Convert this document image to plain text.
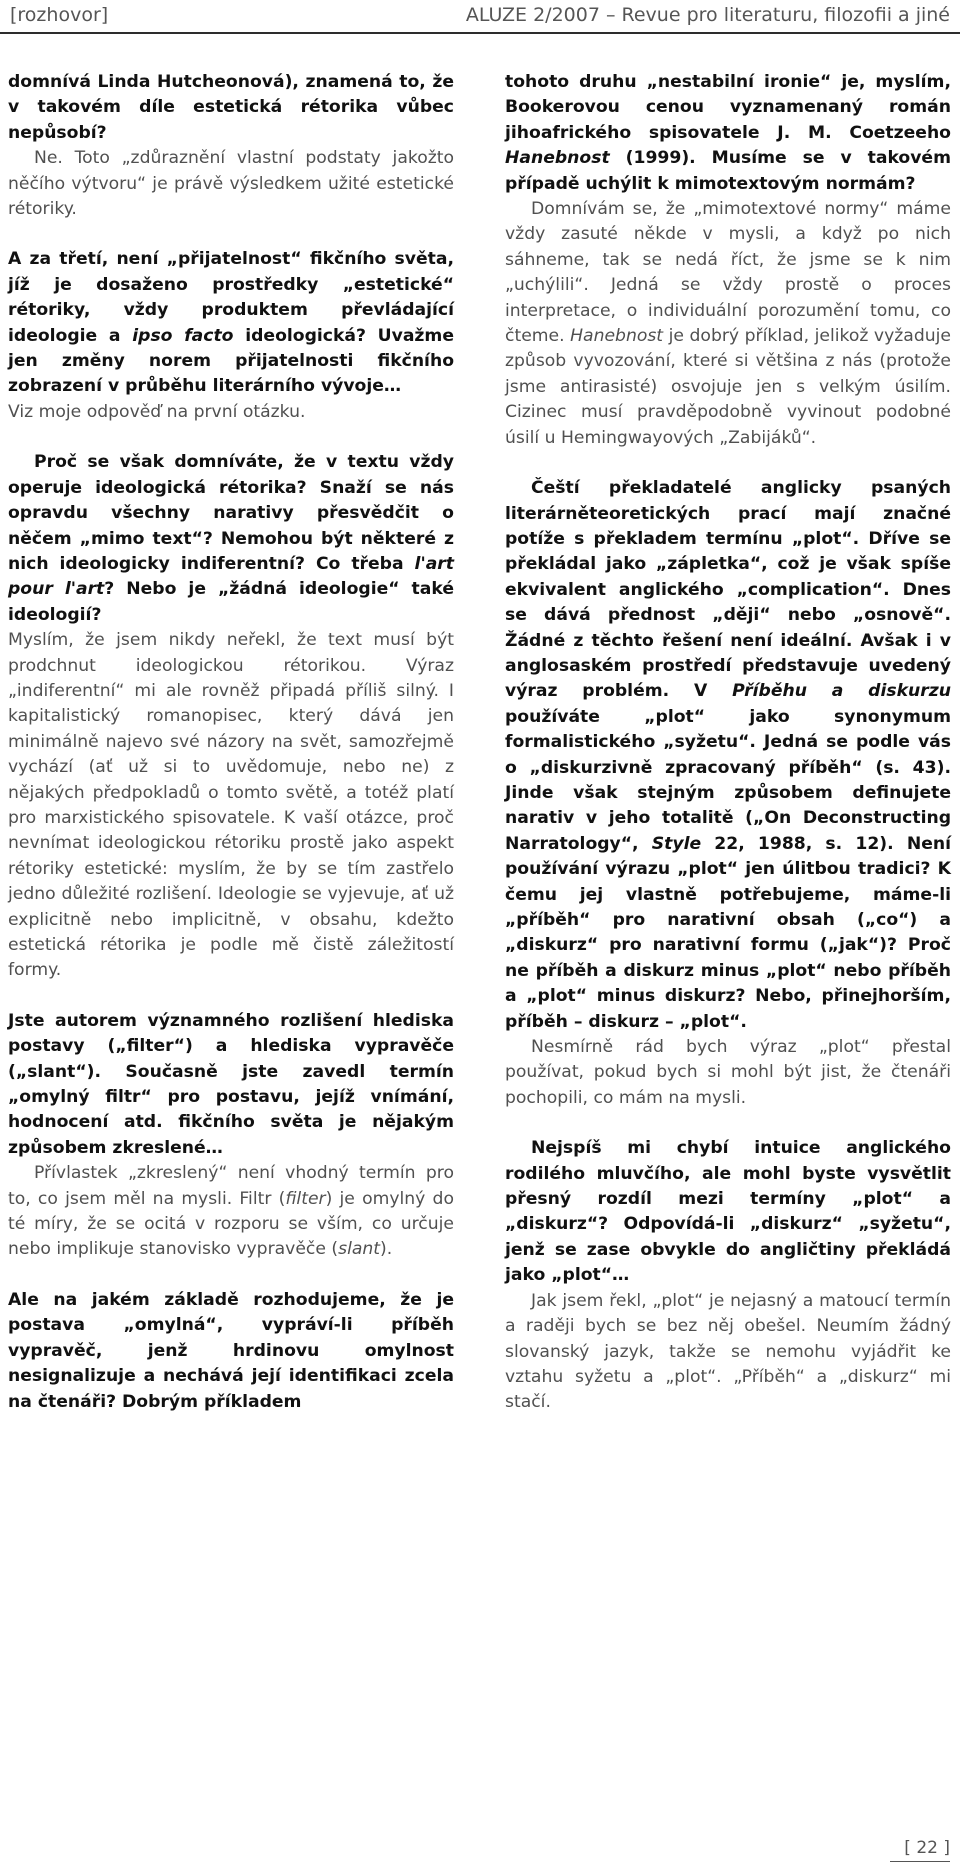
[rozhovor]	ALUZE 2/2007 – Revue pro literaturu, filozofii a jiné

domnívá Linda Hutcheonová), znamená to, že v takovém díle estetická rétorika vůbec nepůsobí?

Ne. Toto „zdůraznění vlastní podstaty jakožto něčího výtvoru“ je právě výsledkem užité estetické rétoriky.

A za třetí, není „přijatelnost“ fikčního světa, jíž je dosaženo prostředky „estetické“ rétoriky, vždy produktem převládající ideologie a ipso facto ideologická? Uvažme jen změny norem přijatelnosti fikčního zobrazení v průběhu literárního vývoje…

Viz moje odpověď na první otázku.

Proč se však domníváte, že v textu vždy operuje ideologická rétorika? Snaží se nás opravdu všechny narativy přesvědčit o něčem „mimo text“? Nemohou být některé z nich ideologicky indiferentní? Co třeba l'art pour l'art? Nebo je „žádná ideologie“ také ideologií?

Myslím, že jsem nikdy neřekl, že text musí být prodchnut ideologickou rétorikou. Výraz „indiferentní“ mi ale rovněž připadá příliš silný. I kapitalistický romanopisec, který dává jen minimálně najevo své názory na svět, samozřejmě vychází (ať už si to uvědomuje, nebo ne) z nějakých předpokladů o tomto světě, a totéž platí pro marxistického spisovatele. K vaší otázce, proč nevnímat ideologickou rétoriku prostě jako aspekt rétoriky estetické: myslím, že by se tím zastřelo jedno důležité rozlišení. Ideologie se vyjevuje, ať už explicitně nebo implicitně, v obsahu, kdežto estetická rétorika je podle mě čistě záležitostí formy.

Jste autorem významného rozlišení hlediska postavy („filter“) a hlediska vypravěče („slant“). Současně jste zavedl termín „omylný filtr“ pro postavu, jejíž vnímání, hodnocení atd. fikčního světa je nějakým způsobem zkreslené…

Přívlastek „zkreslený“ není vhodný termín pro to, co jsem měl na mysli. Filtr (filter) je omylný do té míry, že se ocitá v rozporu se vším, co určuje nebo implikuje stanovisko vypravěče (slant).

Ale na jakém základě rozhodujeme, že je postava „omylná“, vypráví-li příběh vypravěč, jenž hrdinovu omylnost nesignalizuje a nechává její identifikaci zcela na čtenáři? Dobrým příkladem

tohoto druhu „nestabilní ironie“ je, myslím, Bookerovou cenou vyznamenaný román jihoafrického spisovatele J. M. Coetzeeho Hanebnost (1999). Musíme se v takovém případě uchýlit k mimotextovým normám?

Domnívám se, že „mimotextové normy“ máme vždy zasuté někde v mysli, a když po nich sáhneme, tak se nedá říct, že jsme se k nim „uchýlili“. Jedná se vždy prostě o proces interpretace, o individuální porozumění tomu, co čteme. Hanebnost je dobrý příklad, jelikož vyžaduje způsob vyvozování, které si většina z nás (protože jsme antirasisté) osvojuje jen s velkým úsilím. Cizinec musí pravděpodobně vyvinout podobné úsilí u Hemingwayových „Zabijáků“.

Čeští překladatelé anglicky psaných literárněteoretických prací mají značné potíže s překladem termínu „plot“. Dříve se překládal jako „zápletka“, což je však spíše ekvivalent anglického „complication“. Dnes se dává přednost „ději“ nebo „osnově“. Žádné z těchto řešení není ideální. Avšak i v anglosaském prostředí představuje uvedený výraz problém. V Příběhu a diskurzu používáte „plot“ jako synonymum formalistického „syžetu“. Jedná se podle vás o „diskurzivně zpracovaný příběh“ (s. 43). Jinde však stejným způsobem definujete narativ v jeho totalitě („On Deconstructing Narratology“, Style 22, 1988, s. 12). Není používání výrazu „plot“ jen úlitbou tradici? K čemu jej vlastně potřebujeme, máme-li „příběh“ pro narativní obsah („co“) a „diskurz“ pro narativní formu („jak“)? Proč ne příběh a diskurz minus „plot“ nebo příběh a „plot“ minus diskurz? Nebo, přinejhorším, příběh – diskurz – „plot“.

Nesmírně rád bych výraz „plot“ přestal používat, pokud bych si mohl být jist, že čtenáři pochopili, co mám na mysli.

Nejspíš mi chybí intuice anglického rodilého mluvčího, ale mohl byste vysvětlit přesný rozdíl mezi termíny „plot“ a „diskurz“? Odpovídá-li „diskurz“ „syžetu“, jenž se zase obvykle do angličtiny překládá jako „plot“…

Jak jsem řekl, „plot“ je nejasný a matoucí termín a raději bych se bez něj obešel. Neumím žádný slovanský jazyk, takže se nemohu vyjádřit ke vztahu syžetu a „plot“. „Příběh“ a „diskurz“ mi stačí.

[ 22 ]
